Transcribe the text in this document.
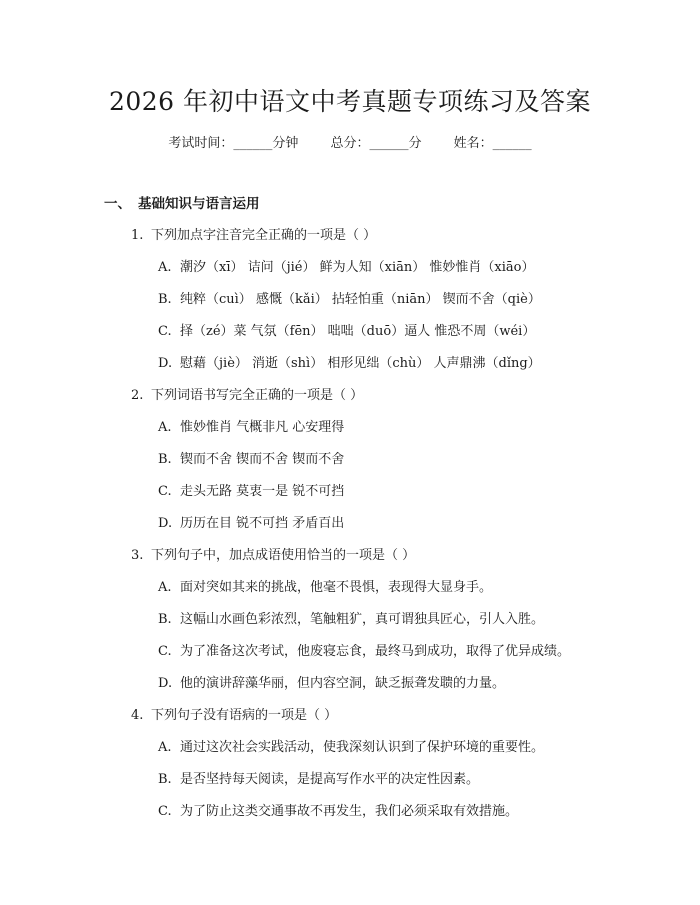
2026 年初中语文中考真题专项练习及答案
考试时间：______分钟 总分：______分 姓名：______
一、 基础知识与语言运用
1. 下列加点字注音完全正确的一项是（ ）
A. 潮汐（xī） 诘问（jié） 鲜为人知（xiān） 惟妙惟肖（xiāo）
B. 纯粹（cuì） 感慨（kǎi） 拈轻怕重（niān） 锲而不舍（qiè）
C. 择（zé）菜 气氛（fēn） 咄咄（duō）逼人 惟恐不周（wéi）
D. 慰藉（jiè） 消逝（shì） 相形见绌（chù） 人声鼎沸（dǐng）
2. 下列词语书写完全正确的一项是（ ）
A. 惟妙惟肖 气概非凡 心安理得
B. 锲而不舍 锲而不舍 锲而不舍
C. 走头无路 莫衷一是 锐不可挡
D. 历历在目 锐不可挡 矛盾百出
3. 下列句子中，加点成语使用恰当的一项是（ ）
A. 面对突如其来的挑战，他毫不畏惧，表现得大显身手。
B. 这幅山水画色彩浓烈，笔触粗犷，真可谓独具匠心，引人入胜。
C. 为了准备这次考试，他废寝忘食，最终马到成功，取得了优异成绩。
D. 他的演讲辞藻华丽，但内容空洞，缺乏振聋发聩的力量。
4. 下列句子没有语病的一项是（ ）
A. 通过这次社会实践活动，使我深刻认识到了保护环境的重要性。
B. 是否坚持每天阅读，是提高写作水平的决定性因素。
C. 为了防止这类交通事故不再发生，我们必须采取有效措施。
